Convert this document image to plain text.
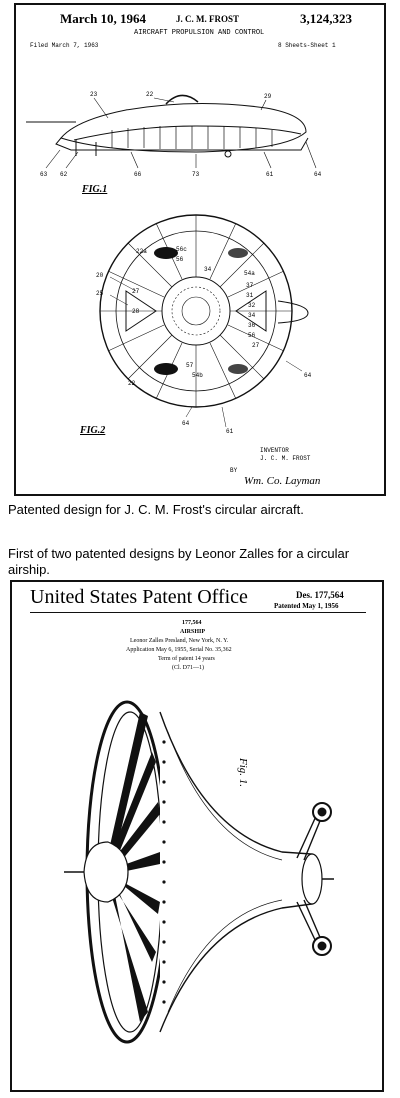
March 10, 1964	J. C. M. FROST	3,124,323
AIRCRAFT PROPULSION AND CONTROL
Filed March 7, 1963	8 Sheets-Sheet 1
23	22	29
63 62	66	73	61	64
FIG.1
22a	56c
56
34
54a
20
25
28
27
37
31
32
34
36
56
27
57
54b
22
64
61
64
FIG.2
INVENTOR
J. C. M. FROST
BY
Wm. Co. Layman
Patented design for J. C. M. Frost's circular aircraft.
First of two patented designs by Leonor Zalles for a circular airship.
United States Patent Office	Des. 177,564
Patented May 1, 1956
177,564
AIRSHIP
Leonor Zalles Presland, New York, N. Y.
Application May 6, 1955, Serial No. 35,362
Term of patent 14 years
(Cl. D71—1)
Fig. 1.
